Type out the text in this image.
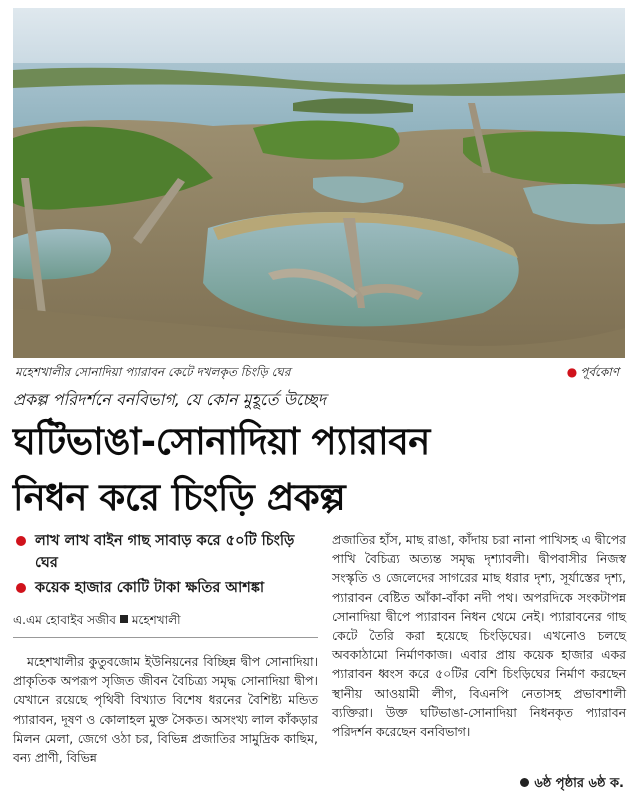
মহেশখালীর সোনাদিয়া প্যারাবন কেটে দখলকৃত চিংড়ি ঘের	● পূর্বকোণ
প্রকল্প পরিদর্শনে বনবিভাগ, যে কোন মুহূর্তে উচ্ছেদ
ঘটিভাঙা-সোনাদিয়া প্যারাবন
নিধন করে চিংড়ি প্রকল্প
লাখ লাখ বাইন গাছ সাবাড় করে ৫০টি চিংড়ি ঘের
কয়েক হাজার কোটি টাকা ক্ষতির আশঙ্কা
এ.এম হোবাইব সজীব মহেশখালী
মহেশখালীর কুতুবজোম ইউনিয়নের বিচ্ছিন্ন দ্বীপ সোনাদিয়া। প্রাকৃতিক অপরূপ সৃজিত জীবন বৈচিত্র্য সমৃদ্ধ সোনাদিয়া দ্বীপ। যেখানে রয়েছে পৃথিবী বিখ্যাত বিশেষ ধরনের বৈশিষ্ট্য মন্ডিত প্যারাবন, দূষণ ও কোলাহল মুক্ত সৈকত। অসংখ্য লাল কাঁকড়ার মিলন মেলা, জেগে ওঠা চর, বিভিন্ন প্রজাতির সামুদ্রিক কাছিম, বন্য প্রাণী, বিভিন্ন
প্রজাতির হাঁস, মাছ রাঙা, কাঁদায় চরা নানা পাখিসহ এ দ্বীপের পাখি বৈচিত্র্য অত্যন্ত সমৃদ্ধ দৃশ্যাবলী। দ্বীপবাসীর নিজস্ব সংস্কৃতি ও জেলেদের সাগরের মাছ ধরার দৃশ্য, সূর্যাস্তের দৃশ্য, প্যারাবন বেষ্টিত আঁকা-বাঁকা নদী পথ। অপরদিকে সংকটাপন্ন সোনাদিয়া দ্বীপে প্যারাবন নিধন থেমে নেই। প্যারাবনের গাছ কেটে তৈরি করা হয়েছে চিংড়িঘের। এখনোও চলছে অবকাঠামো নির্মাণকাজ। এবার প্রায় কয়েক হাজার একর প্যারাবন ধ্বংস করে ৫০টির বেশি চিংড়িঘের নির্মাণ করছেন স্থানীয় আওয়ামী লীগ, বিএনপি নেতাসহ প্রভাবশালী ব্যক্তিরা। উক্ত ঘটিভাঙা-সোনাদিয়া নিধনকৃত প্যারাবন পরিদর্শন করেছেন বনবিভাগ।
৬ষ্ঠ পৃষ্ঠার ৬ষ্ঠ ক.
